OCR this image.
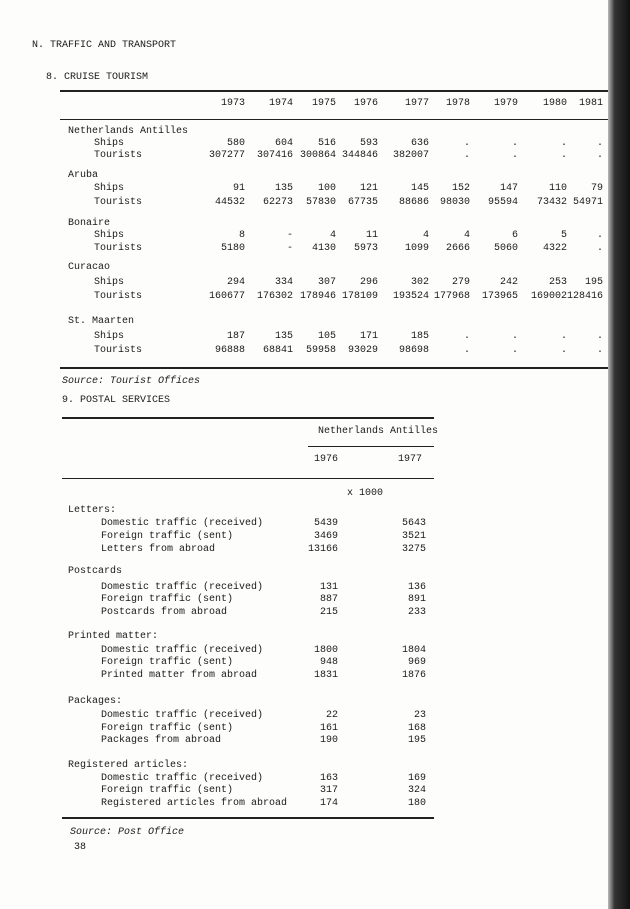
N. TRAFFIC AND TRANSPORT
8. CRUISE TOURISM
1973	1974	1975	1976	1977	1978	1979	1980	1981
Netherlands Antilles
Ships	580	604	516	593	636	.	.	.	.
Tourists	307277	307416 300864 344846	382007	.	.	.	.
Aruba
Ships	91	135	100	121	145	152	147	110	79
Tourists	44532	62273	57830	67735	88686	98030	95594	73432 54971
Bonaire
Ships	8	-	4	11	4	4	6	5	.
Tourists	5180	-	4130	5973	1099	2666	5060	4322	.
Curacao
Ships	294	334	307	296	302	279	242	253	195
Tourists	160677	176302 178946 178109	193524 177968	173965	169002 128416
St. Maarten
Ships	187	135	105	171	185	.	.	.	.
Tourists	96888	68841	59958	93029	98698	.	.	.	.
Source: Tourist Offices
9. POSTAL SERVICES
Netherlands Antilles
1976	1977
x 1000
Letters:
Domestic traffic (received)	5439	5643
Foreign traffic (sent)	3469	3521
Letters from abroad	13166	3275
Postcards
Domestic traffic (received)	131	136
Foreign traffic (sent)	887	891
Postcards from abroad	215	233
Printed matter:
Domestic traffic (received)	1800	1804
Foreign traffic (sent)	948	969
Printed matter from abroad	1831	1876
Packages:
Domestic traffic (received)	22	23
Foreign traffic (sent)	161	168
Packages from abroad	190	195
Registered articles:
Domestic traffic (received)	163	169
Foreign traffic (sent)	317	324
Registered articles from abroad	174	180
Source: Post Office
38
